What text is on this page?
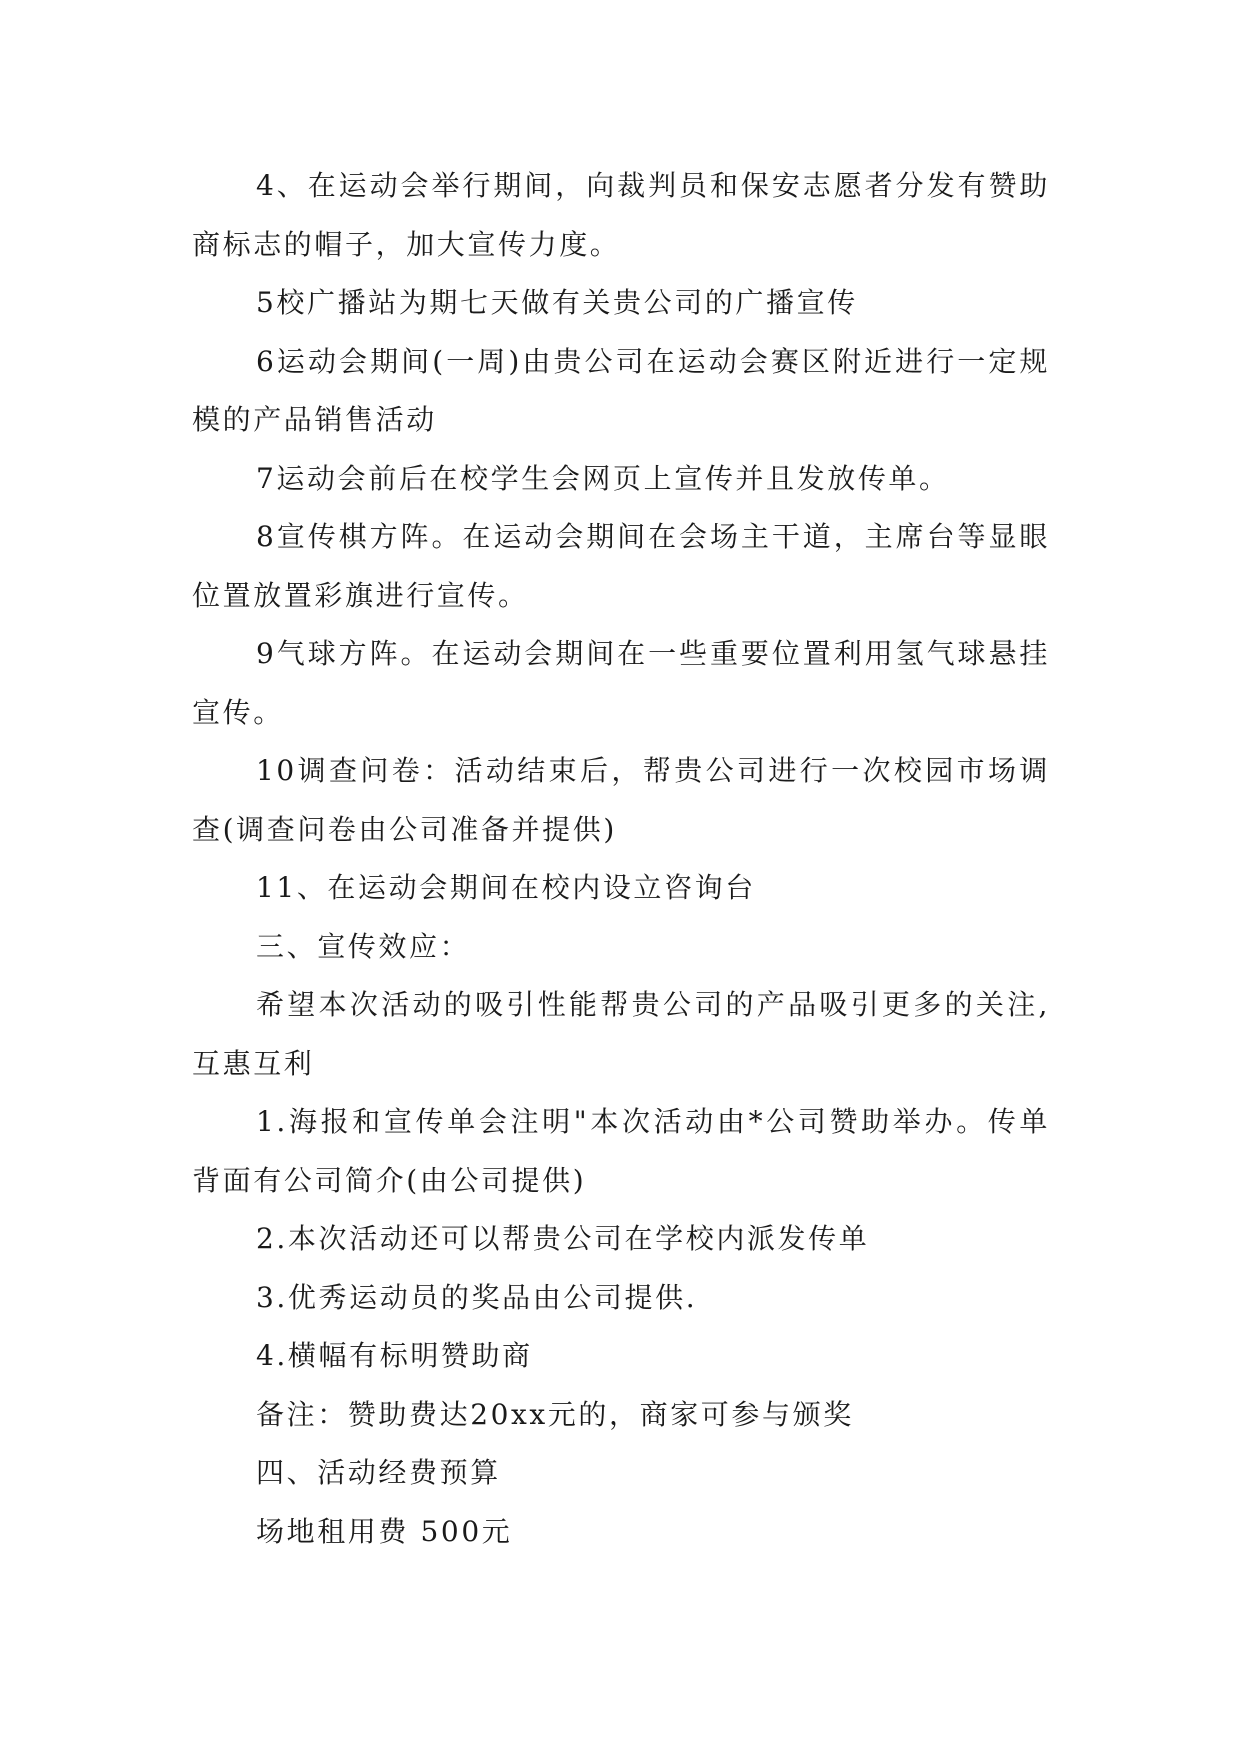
4、在运动会举行期间，向裁判员和保安志愿者分发有赞助商标志的帽子，加大宣传力度。

5校广播站为期七天做有关贵公司的广播宣传

6运动会期间(一周)由贵公司在运动会赛区附近进行一定规模的产品销售活动

7运动会前后在校学生会网页上宣传并且发放传单。

8宣传棋方阵。在运动会期间在会场主干道，主席台等显眼位置放置彩旗进行宣传。

9气球方阵。在运动会期间在一些重要位置利用氢气球悬挂宣传。

10调查问卷：活动结束后，帮贵公司进行一次校园市场调查(调查问卷由公司准备并提供)

11、在运动会期间在校内设立咨询台

三、宣传效应：

希望本次活动的吸引性能帮贵公司的产品吸引更多的关注,互惠互利

1.海报和宣传单会注明"本次活动由*公司赞助举办。传单背面有公司简介(由公司提供)

2.本次活动还可以帮贵公司在学校内派发传单

3.优秀运动员的奖品由公司提供.

4.横幅有标明赞助商

备注：赞助费达20xx元的，商家可参与颁奖

四、活动经费预算

场地租用费 500元
